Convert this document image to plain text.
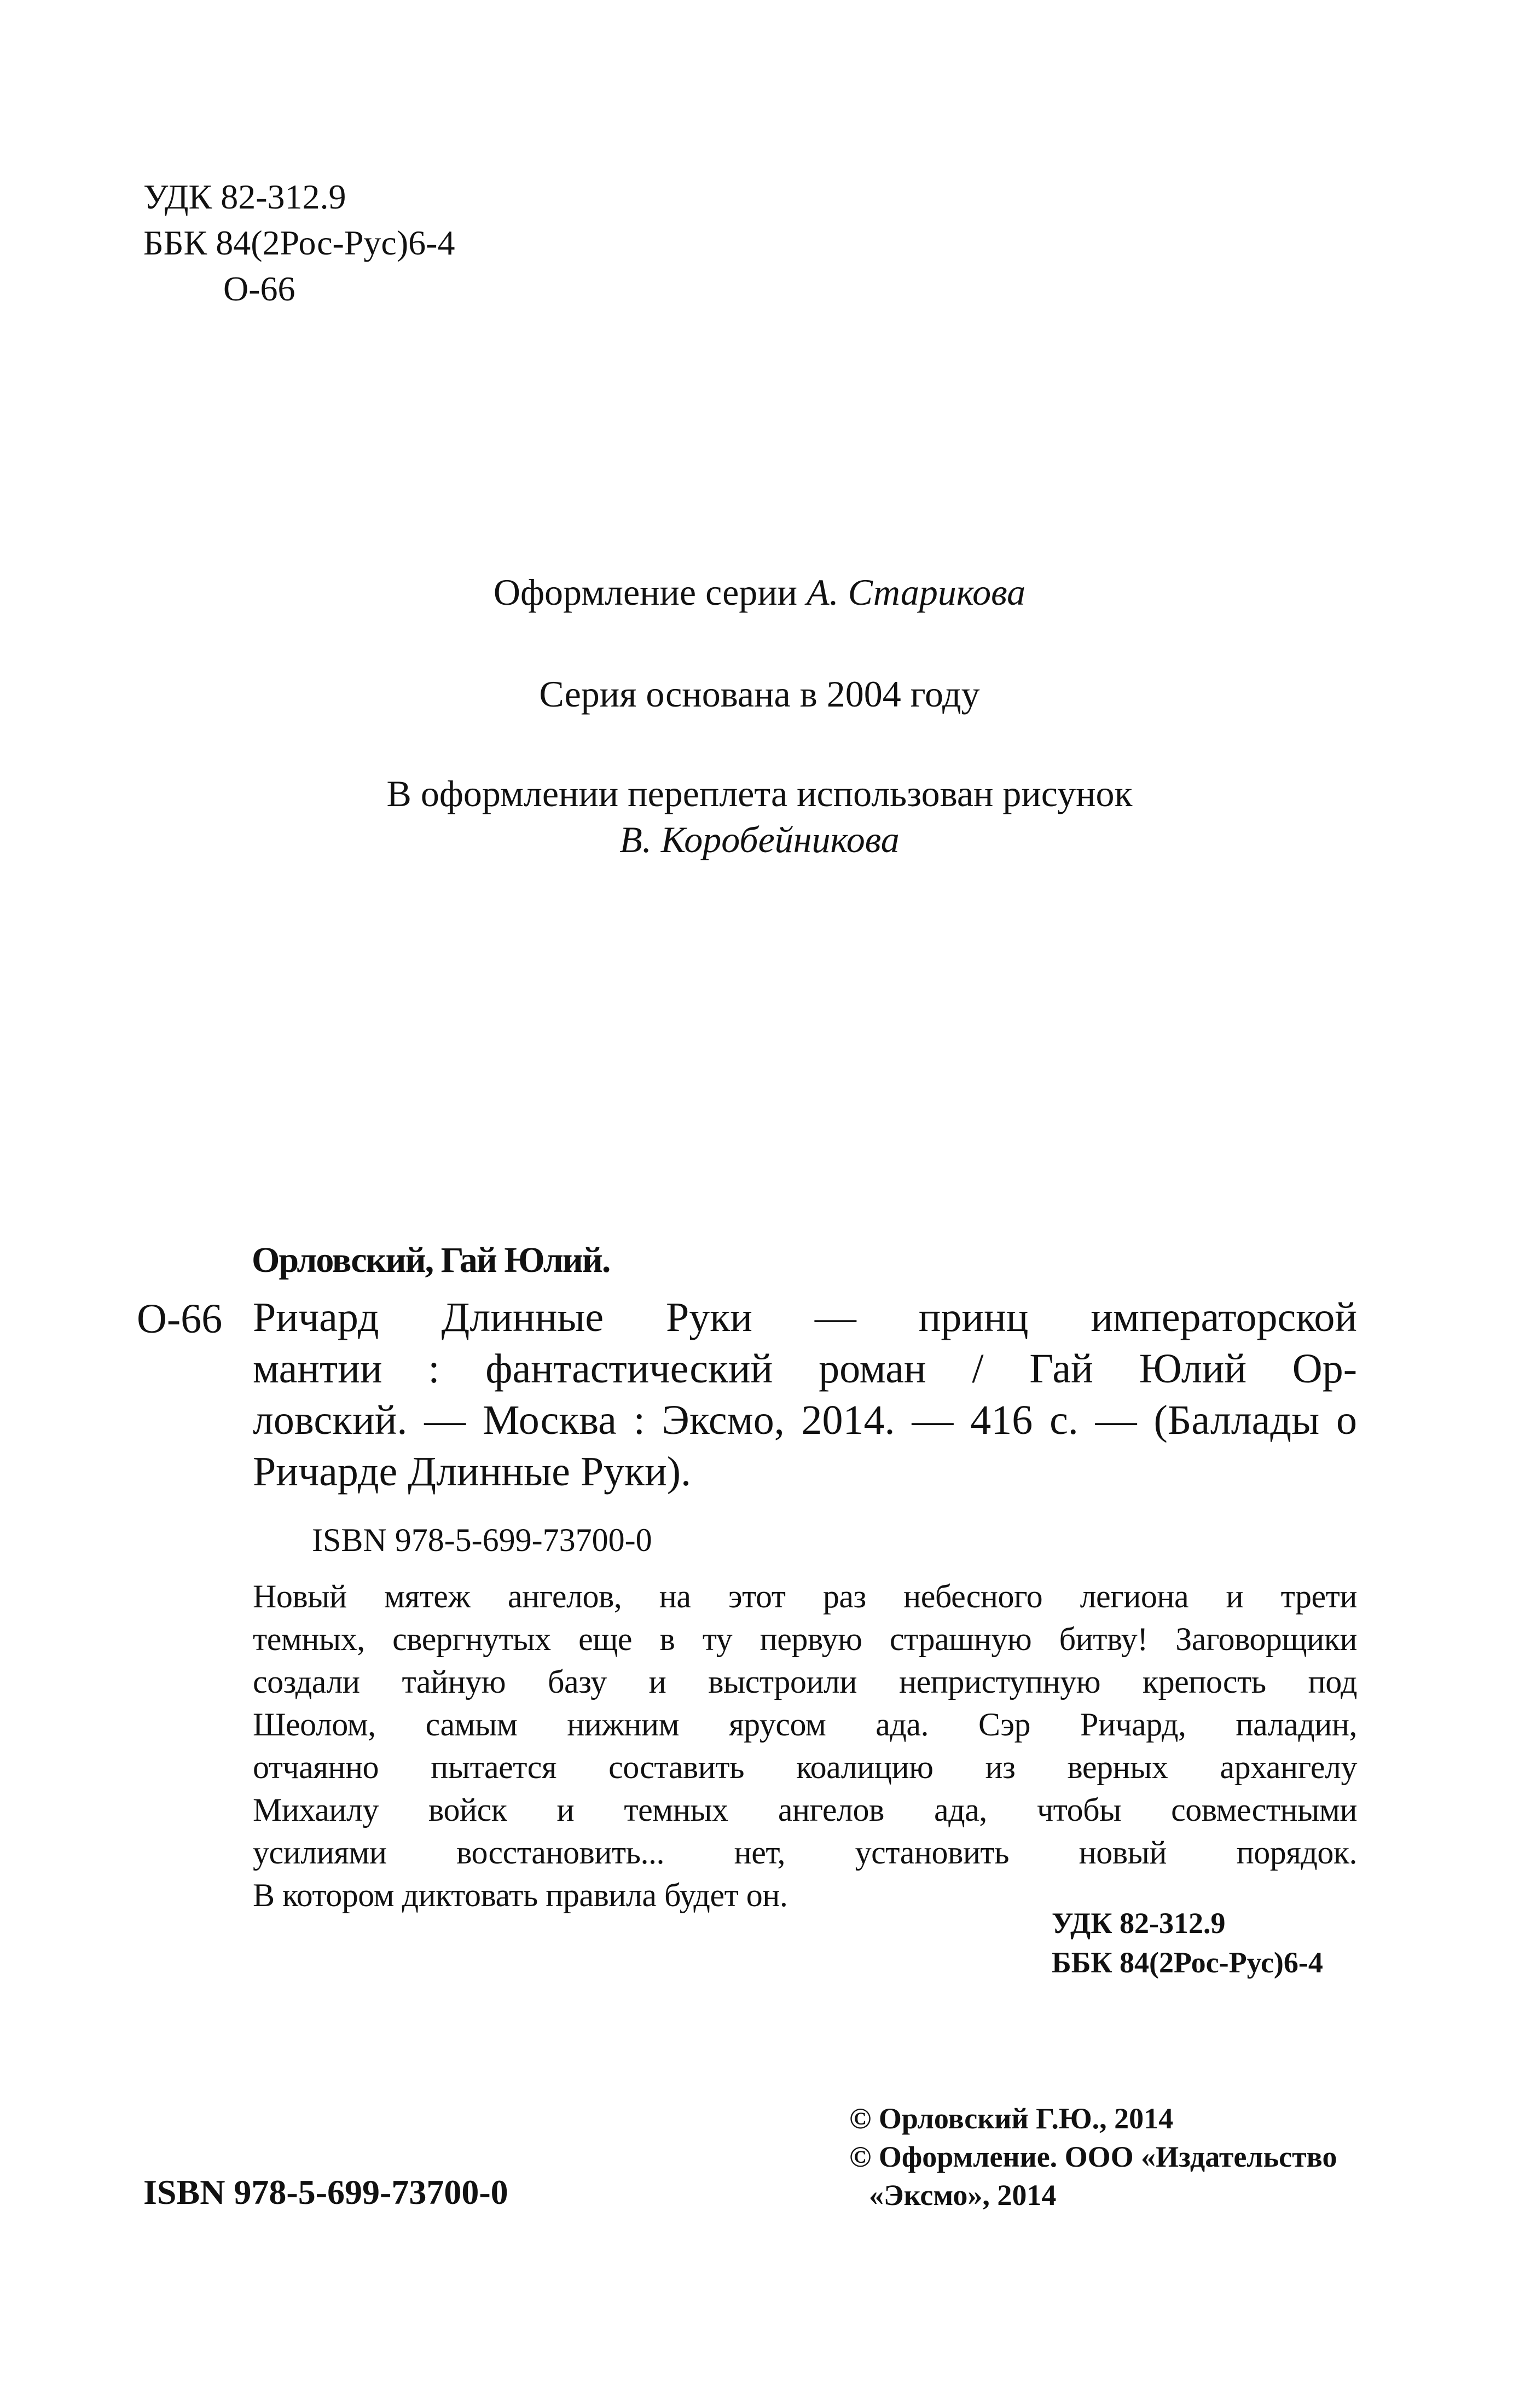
УДК 82-312.9
ББК 84(2Рос-Рус)6-4
О-66
Оформление серии А. Старикова
Серия основана в 2004 году
В оформлении переплета использован рисунок
В. Коробейникова
Орловский, Гай Юлий.
О-66 Ричард Длинные Руки — принц императорской
мантии : фантастический роман / Гай Юлий Ор-
ловский. — Москва : Эксмо, 2014. — 416 с. — (Баллады о
Ричарде Длинные Руки).
ISBN 978-5-699-73700-0
Новый мятеж ангелов, на этот раз небесного легиона и трети
темных, свергнутых еще в ту первую страшную битву! Заговорщики
создали тайную базу и выстроили неприступную крепость под
Шеолом, самым нижним ярусом ада. Сэр Ричард, паладин,
отчаянно пытается составить коалицию из верных архангелу
Михаилу войск и темных ангелов ада, чтобы совместными
усилиями восстановить... нет, установить новый порядок.
В котором диктовать правила будет он.
УДК 82-312.9
ББК 84(2Рос-Рус)6-4
© Орловский Г.Ю., 2014
© Оформление. ООО «Издательство
«Эксмо», 2014
ISBN 978-5-699-73700-0
